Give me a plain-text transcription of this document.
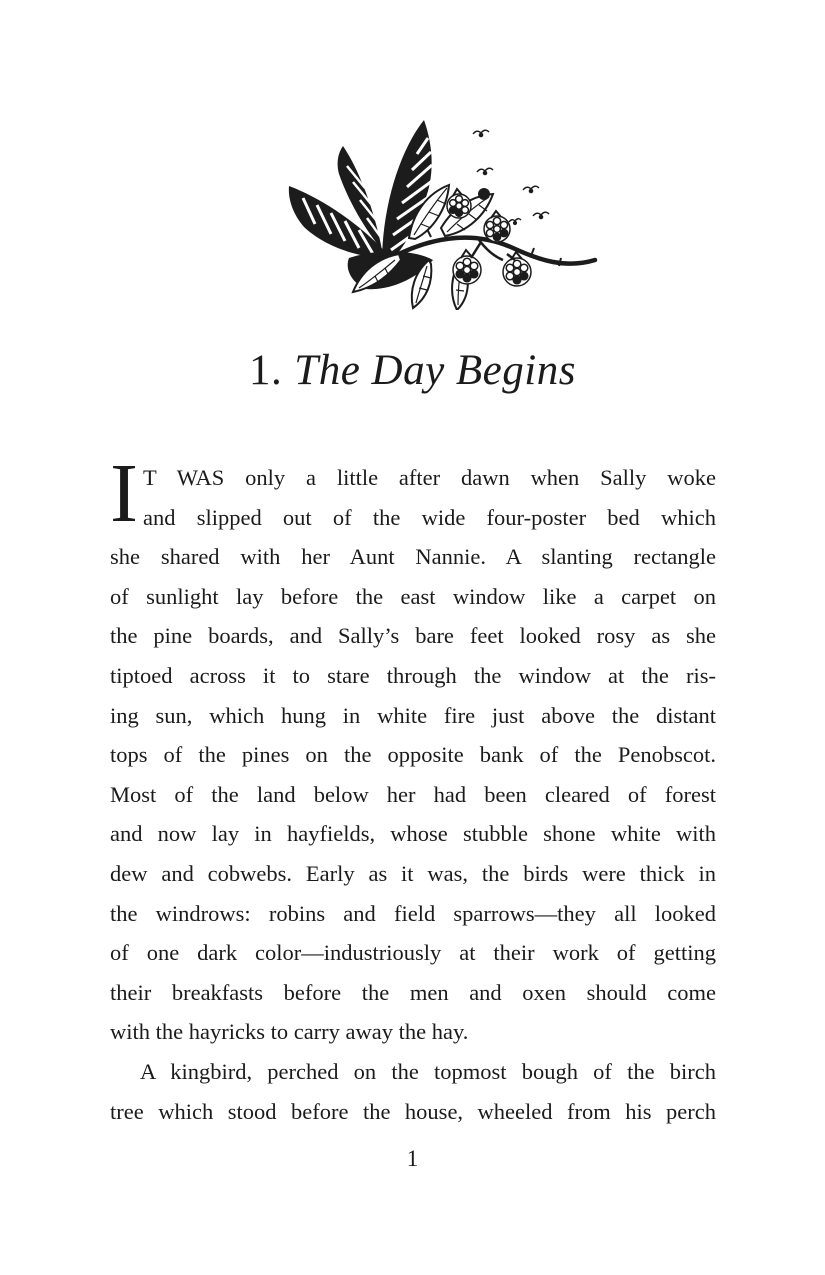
1. The Day Begins
I T WAS only a little after dawn when Sally woke
and slipped out of the wide four-poster bed which
she shared with her Aunt Nannie. A slanting rectangle
of sunlight lay before the east window like a carpet on
the pine boards, and Sally’s bare feet looked rosy as she
tiptoed across it to stare through the window at the ris-
ing sun, which hung in white fire just above the distant
tops of the pines on the opposite bank of the Penobscot.
Most of the land below her had been cleared of forest
and now lay in hayfields, whose stubble shone white with
dew and cobwebs. Early as it was, the birds were thick in
the windrows: robins and field sparrows—they all looked
of one dark color—industriously at their work of getting
their breakfasts before the men and oxen should come
with the hayricks to carry away the hay.
A kingbird, perched on the topmost bough of the birch
tree which stood before the house, wheeled from his perch
1
